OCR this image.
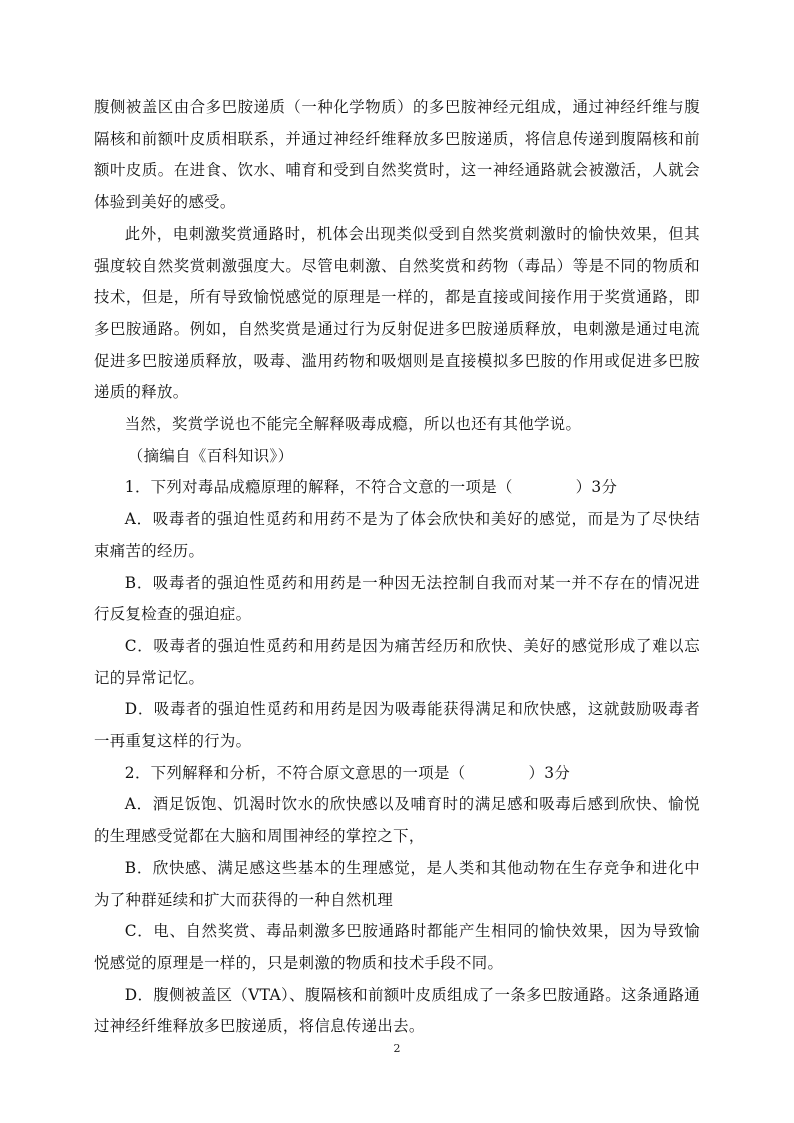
腹侧被盖区由合多巴胺递质（一种化学物质）的多巴胺神经元组成，通过神经纤维与腹隔核和前额叶皮质相联系，并通过神经纤维释放多巴胺递质，将信息传递到腹隔核和前额叶皮质。在进食、饮水、哺育和受到自然奖赏时，这一神经通路就会被激活，人就会体验到美好的感受。

此外，电刺激奖赏通路时，机体会出现类似受到自然奖赏刺激时的愉快效果，但其强度较自然奖赏刺激强度大。尽管电刺激、自然奖赏和药物（毒品）等是不同的物质和技术，但是，所有导致愉悦感觉的原理是一样的，都是直接或间接作用于奖赏通路，即多巴胺通路。例如，自然奖赏是通过行为反射促进多巴胺递质释放，电刺激是通过电流促进多巴胺递质释放，吸毒、滥用药物和吸烟则是直接模拟多巴胺的作用或促进多巴胺递质的释放。

当然，奖赏学说也不能完全解释吸毒成瘾，所以也还有其他学说。

（摘编自《百科知识》）

1．下列对毒品成瘾原理的解释，不符合文意的一项是（　　　　）3分

A．吸毒者的强迫性觅药和用药不是为了体会欣快和美好的感觉，而是为了尽快结束痛苦的经历。

B．吸毒者的强迫性觅药和用药是一种因无法控制自我而对某一并不存在的情况进行反复检查的强迫症。

C．吸毒者的强迫性觅药和用药是因为痛苦经历和欣快、美好的感觉形成了难以忘记的异常记忆。

D．吸毒者的强迫性觅药和用药是因为吸毒能获得满足和欣快感，这就鼓励吸毒者一再重复这样的行为。

2．下列解释和分析，不符合原文意思的一项是（　　　　）3分

A．酒足饭饱、饥渴时饮水的欣快感以及哺育时的满足感和吸毒后感到欣快、愉悦的生理感受觉都在大脑和周围神经的掌控之下，

B．欣快感、满足感这些基本的生理感觉，是人类和其他动物在生存竞争和进化中为了种群延续和扩大而获得的一种自然机理

C．电、自然奖赏、毒品刺激多巴胺通路时都能产生相同的愉快效果，因为导致愉悦感觉的原理是一样的，只是刺激的物质和技术手段不同。

D．腹侧被盖区（VTA）、腹隔核和前额叶皮质组成了一条多巴胺通路。这条通路通过神经纤维释放多巴胺递质，将信息传递出去。

2
